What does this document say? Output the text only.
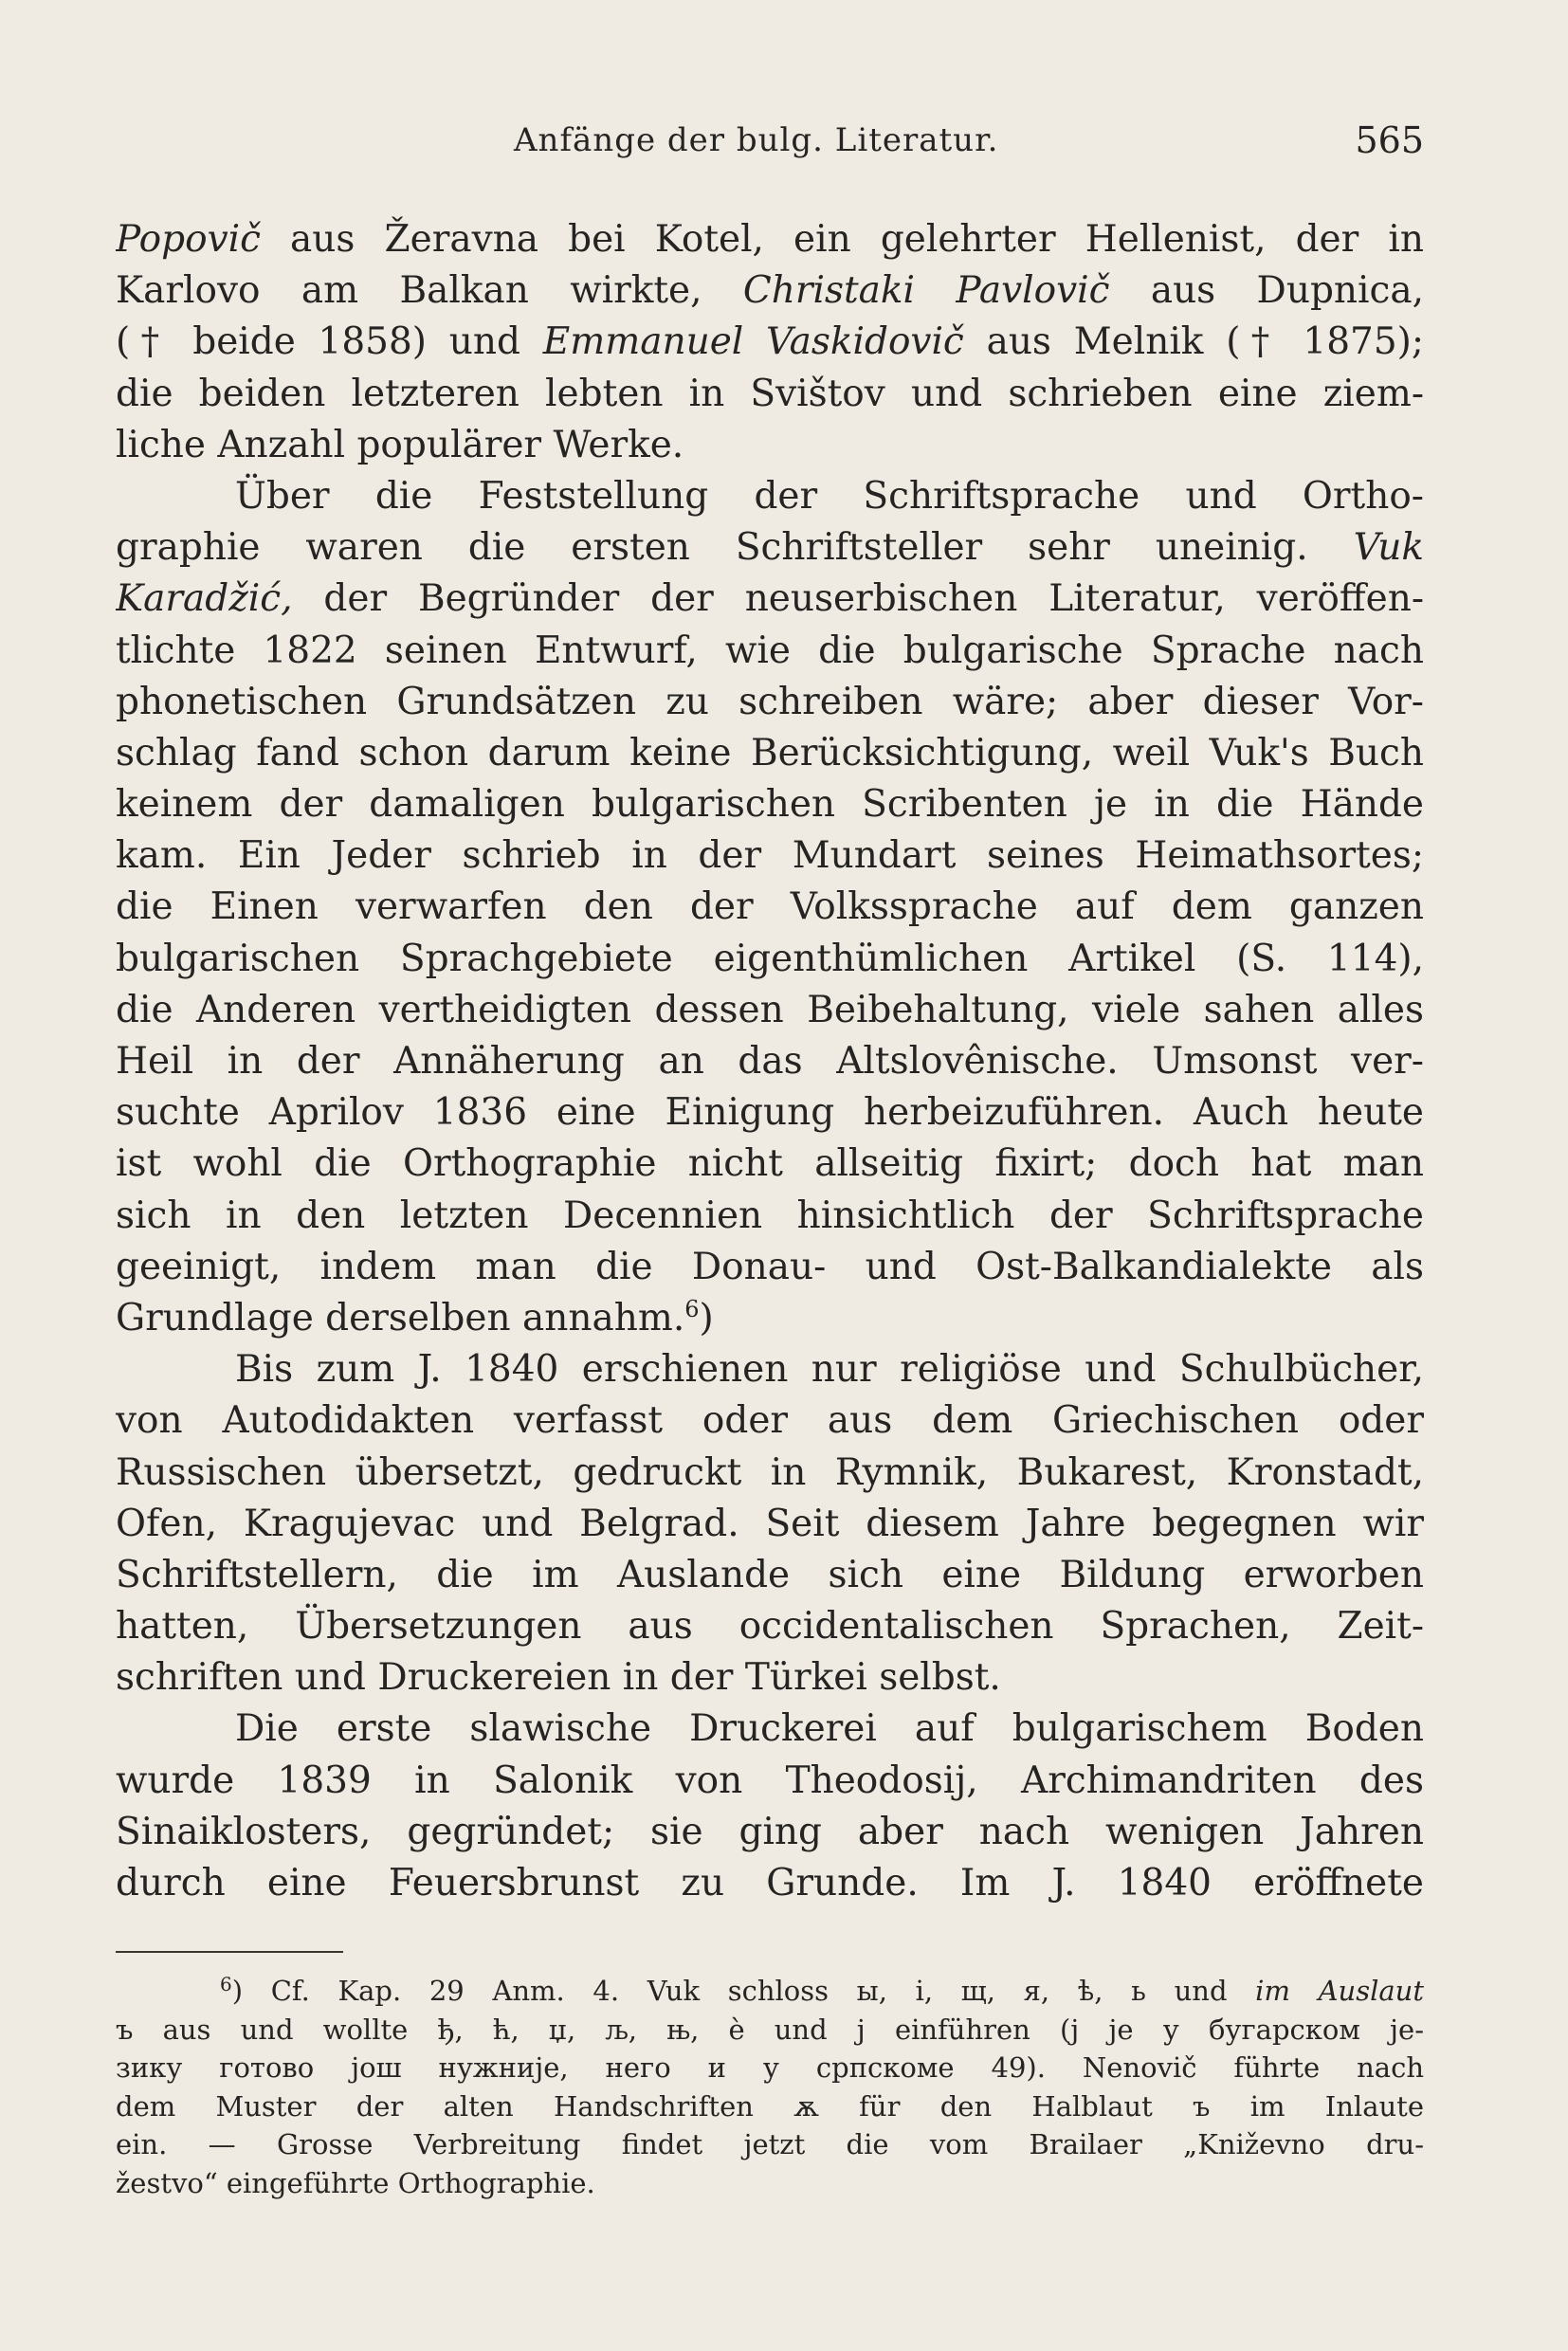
Anfänge der bulg. Literatur.	565
Popovič aus Žeravna bei Kotel, ein gelehrter Hellenist, der in
Karlovo am Balkan wirkte, Christaki Pavlovič aus Dupnica,
(† beide 1858) und Emmanuel Vaskidovič aus Melnik († 1875);
die beiden letzteren lebten in Svištov und schrieben eine ziem-
liche Anzahl populärer Werke.
Über die Feststellung der Schriftsprache und Ortho-
graphie waren die ersten Schriftsteller sehr uneinig. Vuk
Karadžić, der Begründer der neuserbischen Literatur, veröffen-
tlichte 1822 seinen Entwurf, wie die bulgarische Sprache nach
phonetischen Grundsätzen zu schreiben wäre; aber dieser Vor-
schlag fand schon darum keine Berücksichtigung, weil Vuk's Buch
keinem der damaligen bulgarischen Scribenten je in die Hände
kam. Ein Jeder schrieb in der Mundart seines Heimathsortes;
die Einen verwarfen den der Volkssprache auf dem ganzen
bulgarischen Sprachgebiete eigenthümlichen Artikel (S. 114),
die Anderen vertheidigten dessen Beibehaltung, viele sahen alles
Heil in der Annäherung an das Altslovênische. Umsonst ver-
suchte Aprilov 1836 eine Einigung herbeizuführen. Auch heute
ist wohl die Orthographie nicht allseitig fixirt; doch hat man
sich in den letzten Decennien hinsichtlich der Schriftsprache
geeinigt, indem man die Donau- und Ost-Balkandialekte als
Grundlage derselben annahm.$^6$)
Bis zum J. 1840 erschienen nur religiöse und Schulbücher,
von Autodidakten verfasst oder aus dem Griechischen oder
Russischen übersetzt, gedruckt in Rymnik, Bukarest, Kronstadt,
Ofen, Kragujevac und Belgrad. Seit diesem Jahre begegnen wir
Schriftstellern, die im Auslande sich eine Bildung erworben
hatten, Übersetzungen aus occidentalischen Sprachen, Zeit-
schriften und Druckereien in der Türkei selbst.
Die erste slawische Druckerei auf bulgarischem Boden
wurde 1839 in Salonik von Theodosij, Archimandriten des
Sinaiklosters, gegründet; sie ging aber nach wenigen Jahren
durch eine Feuersbrunst zu Grunde. Im J. 1840 eröffnete
$^6$) Cf. Kap. 29 Anm. 4. Vuk schloss ы, i, щ, я, ѣ, ь und im Auslaut
ъ aus und wollte ђ, ћ, џ, љ, њ, è und j einführen (j je у бугарском je-
зику готово још нужније, него и у српскоме 49). Nenovič führte nach
dem Muster der alten Handschriften ѫ für den Halblaut ъ im Inlaute
ein. — Grosse Verbreitung findet jetzt die vom Brailaer „Kniževno dru-
žestvo“ eingeführte Orthographie.
